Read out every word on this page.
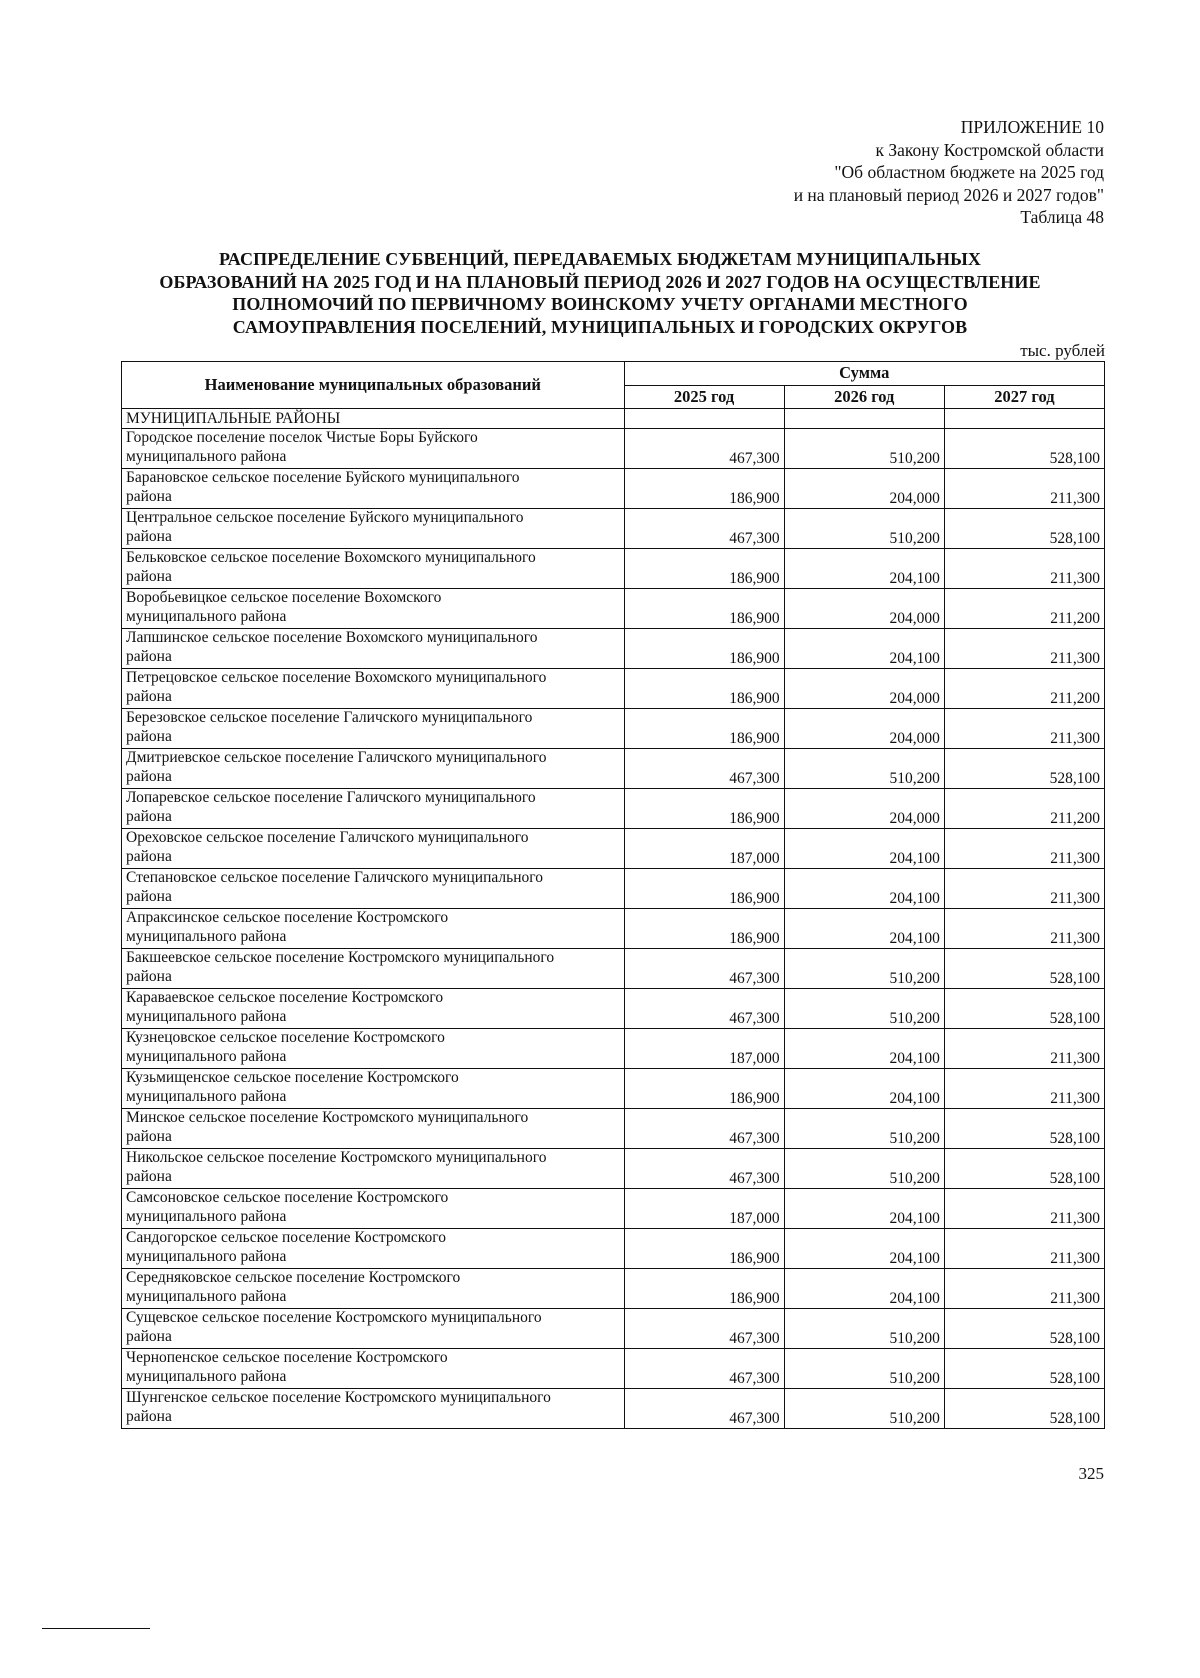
ПРИЛОЖЕНИЕ 10
к Закону Костромской области
"Об областном бюджете на 2025 год
и на плановый период 2026 и 2027 годов"
Таблица 48
РАСПРЕДЕЛЕНИЕ СУБВЕНЦИЙ, ПЕРЕДАВАЕМЫХ БЮДЖЕТАМ МУНИЦИПАЛЬНЫХ
ОБРАЗОВАНИЙ НА 2025 ГОД И НА ПЛАНОВЫЙ ПЕРИОД 2026 И 2027 ГОДОВ НА ОСУЩЕСТВЛЕНИЕ
ПОЛНОМОЧИЙ ПО ПЕРВИЧНОМУ ВОИНСКОМУ УЧЕТУ ОРГАНАМИ МЕСТНОГО
САМОУПРАВЛЕНИЯ ПОСЕЛЕНИЙ, МУНИЦИПАЛЬНЫХ И ГОРОДСКИХ ОКРУГОВ
тыс. рублей
Наименование муниципальных образований	Сумма		
	2025 год	2026 год	2027 год
МУНИЦИПАЛЬНЫЕ РАЙОНЫ			

Городское поселение поселок Чистые Боры Буйского
муниципального района	467,300	510,200	528,100

Барановское сельское поселение Буйского муниципального
района	186,900	204,000	211,300

Центральное сельское поселение Буйского муниципального
района	467,300	510,200	528,100

Бельковское сельское поселение Вохомского муниципального
района	186,900	204,100	211,300

Воробьевицкое сельское поселение Вохомского
муниципального района	186,900	204,000	211,200

Лапшинское сельское поселение Вохомского муниципального
района	186,900	204,100	211,300

Петрецовское сельское поселение Вохомского муниципального
района	186,900	204,000	211,200

Березовское сельское поселение Галичского муниципального
района	186,900	204,000	211,300

Дмитриевское сельское поселение Галичского муниципального
района	467,300	510,200	528,100

Лопаревское сельское поселение Галичского муниципального
района	186,900	204,000	211,200

Ореховское сельское поселение Галичского муниципального
района	187,000	204,100	211,300

Степановское сельское поселение Галичского муниципального
района	186,900	204,100	211,300

Апраксинское сельское поселение Костромского
муниципального района	186,900	204,100	211,300

Бакшеевское сельское поселение Костромского муниципального
района	467,300	510,200	528,100

Караваевское сельское поселение Костромского
муниципального района	467,300	510,200	528,100

Кузнецовское сельское поселение Костромского
муниципального района	187,000	204,100	211,300

Кузьмищенское сельское поселение Костромского
муниципального района	186,900	204,100	211,300

Минское сельское поселение Костромского муниципального
района	467,300	510,200	528,100

Никольское сельское поселение Костромского муниципального
района	467,300	510,200	528,100

Самсоновское сельское поселение Костромского
муниципального района	187,000	204,100	211,300

Сандогорское сельское поселение Костромского
муниципального района	186,900	204,100	211,300

Середняковское сельское поселение Костромского
муниципального района	186,900	204,100	211,300

Сущевское сельское поселение Костромского муниципального
района	467,300	510,200	528,100

Чернопенское сельское поселение Костромского
муниципального района	467,300	510,200	528,100

Шунгенское сельское поселение Костромского муниципального
района	467,300	510,200	528,100
325
